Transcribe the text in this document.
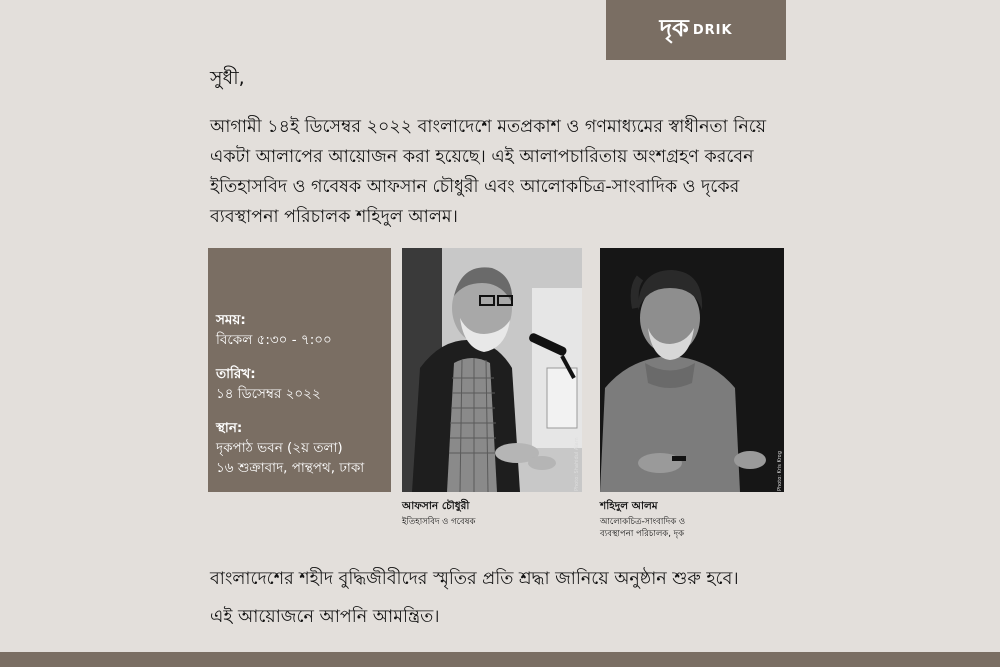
দৃক DRIK
সুধী,
আগামী ১৪ই ডিসেম্বর ২০২২ বাংলাদেশে মতপ্রকাশ ও গণমাধ্যমের স্বাধীনতা নিয়ে একটা আলাপের আয়োজন করা হয়েছে। এই আলাপচারিতায় অংশগ্রহণ করবেন ইতিহাসবিদ ও গবেষক আফসান চৌধুরী এবং আলোকচিত্র-সাংবাদিক ও দৃকের ব্যবস্থাপনা পরিচালক শহিদুল আলম।
সময়:
বিকেল ৫:৩০ - ৭:০০
তারিখ:
১৪ ডিসেম্বর ২০২২
স্থান:
দৃকপাঠ ভবন (২য় তলা)
১৬ শুক্রাবাদ, পান্থপথ, ঢাকা	Photo: Shahidul Alam	Photo: Kris Krog
আফসান চৌধুরী
ইতিহাসবিদ ও গবেষক
শহিদুল আলম
আলোকচিত্র-সাংবাদিক ও
ব্যবস্থাপনা পরিচালক, দৃক
বাংলাদেশের শহীদ বুদ্ধিজীবীদের স্মৃতির প্রতি শ্রদ্ধা জানিয়ে অনুষ্ঠান শুরু হবে।
এই আয়োজনে আপনি আমন্ত্রিত।
